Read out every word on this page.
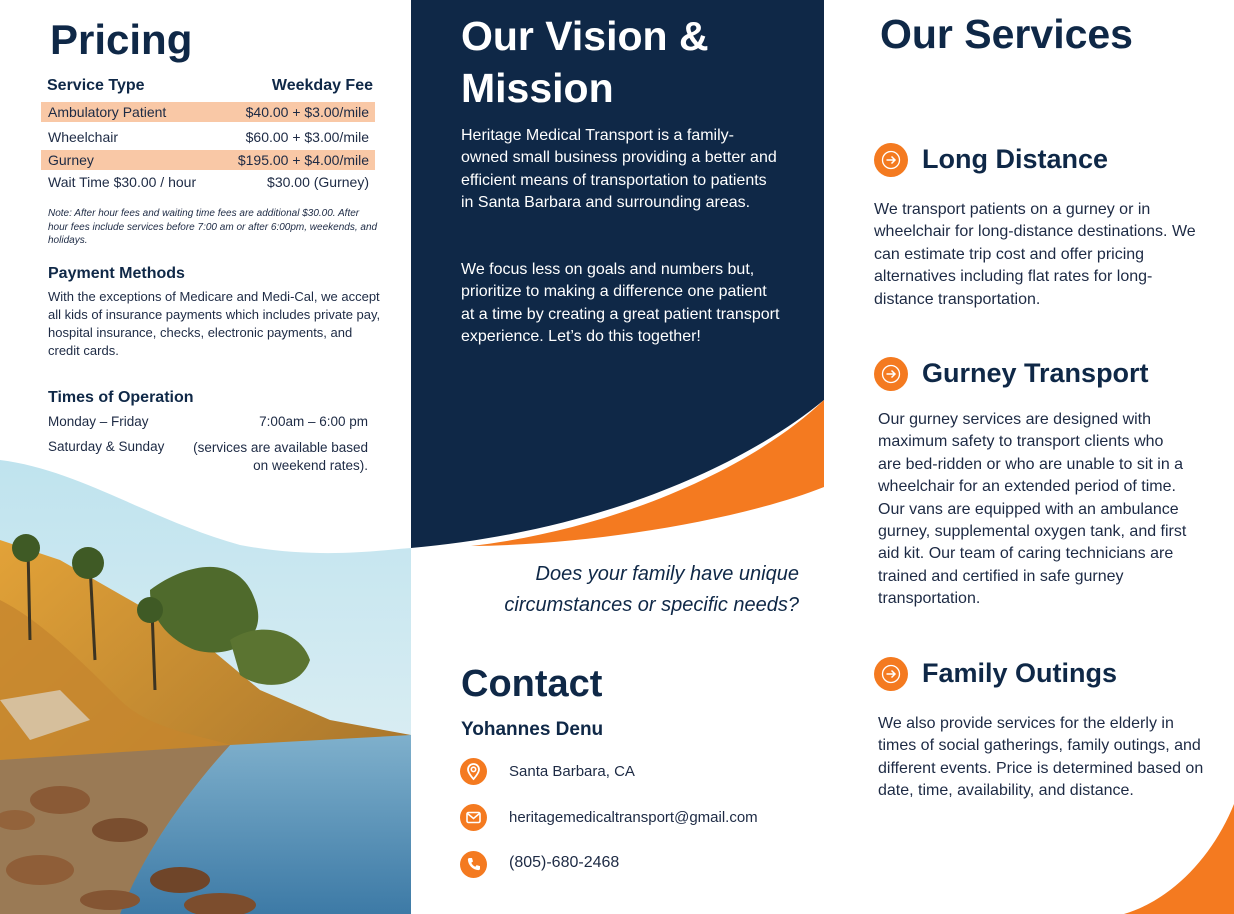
Pricing
Service Type	Weekday Fee
Ambulatory Patient	$40.00 + $3.00/mile
Wheelchair	$60.00 + $3.00/mile
Gurney	$195.00 + $4.00/mile
Wait Time $30.00 / hour	$30.00 (Gurney)
Note: After hour fees and waiting time fees are additional $30.00. After hour fees include services before 7:00 am or after 6:00pm, weekends, and holidays.
Payment Methods
With the exceptions of Medicare and Medi-Cal, we accept all kids of insurance payments which includes private pay, hospital insurance, checks, electronic payments, and credit cards.
Times of Operation
Monday – Friday	7:00am – 6:00 pm
Saturday & Sunday	(services are available based on weekend rates).
Our Vision & Mission
Heritage Medical Transport is a family-owned small business providing a better and efficient means of transportation to patients in Santa Barbara and surrounding areas.
We focus less on goals and numbers but, prioritize to making a difference one patient at a time by creating a great patient transport experience. Let’s do this together!
Does your family have unique circumstances or specific needs?
Contact
Yohannes Denu
Santa Barbara, CA
heritagemedicaltransport@gmail.com
(805)-680-2468
Our Services
Long Distance
We transport patients on a gurney or in wheelchair for long-distance destinations. We can estimate trip cost and offer pricing alternatives including flat rates for long-distance transportation.
Gurney Transport
Our gurney services are designed with maximum safety to transport clients who are bed-ridden or who are unable to sit in a wheelchair for an extended period of time. Our vans are equipped with an ambulance gurney, supplemental oxygen tank, and first aid kit. Our team of caring technicians are trained and certified in safe gurney transportation.
Family Outings
We also provide services for the elderly in times of social gatherings, family outings, and different events. Price is determined based on date, time, availability, and distance.
